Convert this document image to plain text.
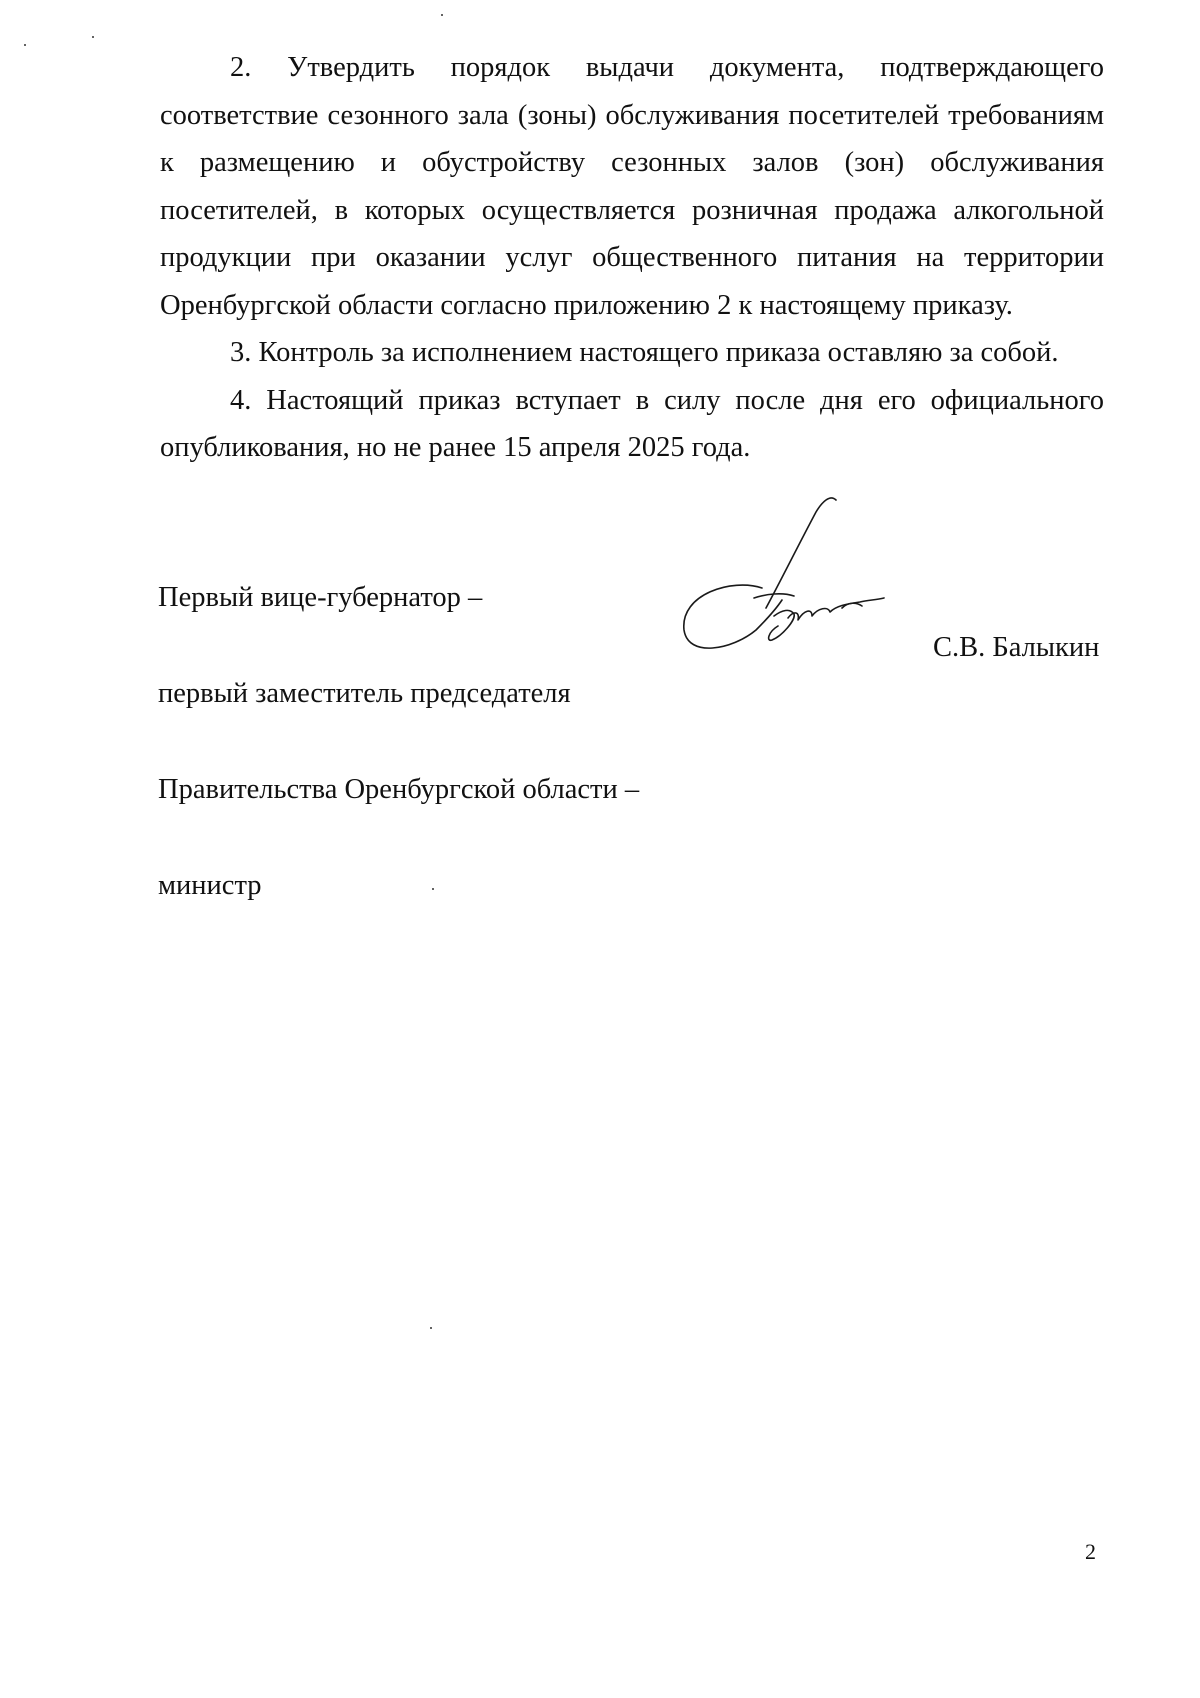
2. Утвердить порядок выдачи документа, подтверждающего соответствие сезонного зала (зоны) обслуживания посетителей требованиям к размещению и обустройству сезонных залов (зон) обслуживания посетителей, в которых осуществляется розничная продажа алкогольной продукции при оказании услуг общественного питания на территории Оренбургской области согласно приложению 2 к настоящему приказу.

3. Контроль за исполнением настоящего приказа оставляю за собой.

4. Настоящий приказ вступает в силу после дня его официального опубликования, но не ранее 15 апреля 2025 года.

Первый вице-губернатор –

первый заместитель председателя

Правительства Оренбургской области –

министр

С.В. Балыкин
2
